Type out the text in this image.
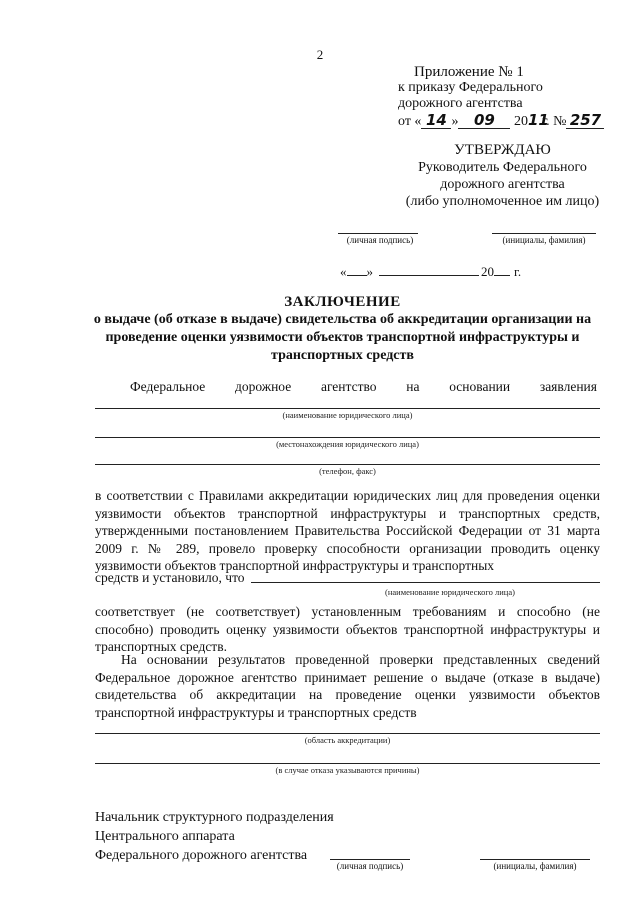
2
Приложение № 1
к приказу Федерального
дорожного агентства
от « 14 » 09 2011г. № 257
УТВЕРЖДАЮ
Руководитель Федерального
дорожного агентства
(либо уполномоченное им лицо)
(личная подпись)	(инициалы, фамилия)
« »	20 г.
ЗАКЛЮЧЕНИЕ
о выдаче (об отказе в выдаче) свидетельства об аккредитации организации на проведение оценки уязвимости объектов транспортной инфраструктуры и транспортных средств
Федеральное дорожное агентство на основании заявления
(наименование юридического лица)
(местонахождения юридического лица)
(телефон, факс)
в соответствии с Правилами аккредитации юридических лиц для проведения оценки уязвимости объектов транспортной инфраструктуры и транспортных средств, утвержденными постановлением Правительства Российской Федерации от 31 марта 2009 г. № 289, провело проверку способности организации проводить оценку уязвимости объектов транспортной инфраструктуры и транспортных
средств и установило, что
(наименование юридического лица)
соответствует (не соответствует) установленным требованиям и способно (не способно) проводить оценку уязвимости объектов транспортной инфраструктуры и транспортных средств.
На основании результатов проведенной проверки представленных сведений Федеральное дорожное агентство принимает решение о выдаче (отказе в выдаче) свидетельства об аккредитации на проведение оценки уязвимости объектов транспортной инфраструктуры и транспортных средств
(область аккредитации)
(в случае отказа указываются причины)
Начальник структурного подразделения
Центрального аппарата
Федерального дорожного агентства
(личная подпись)	(инициалы, фамилия)
